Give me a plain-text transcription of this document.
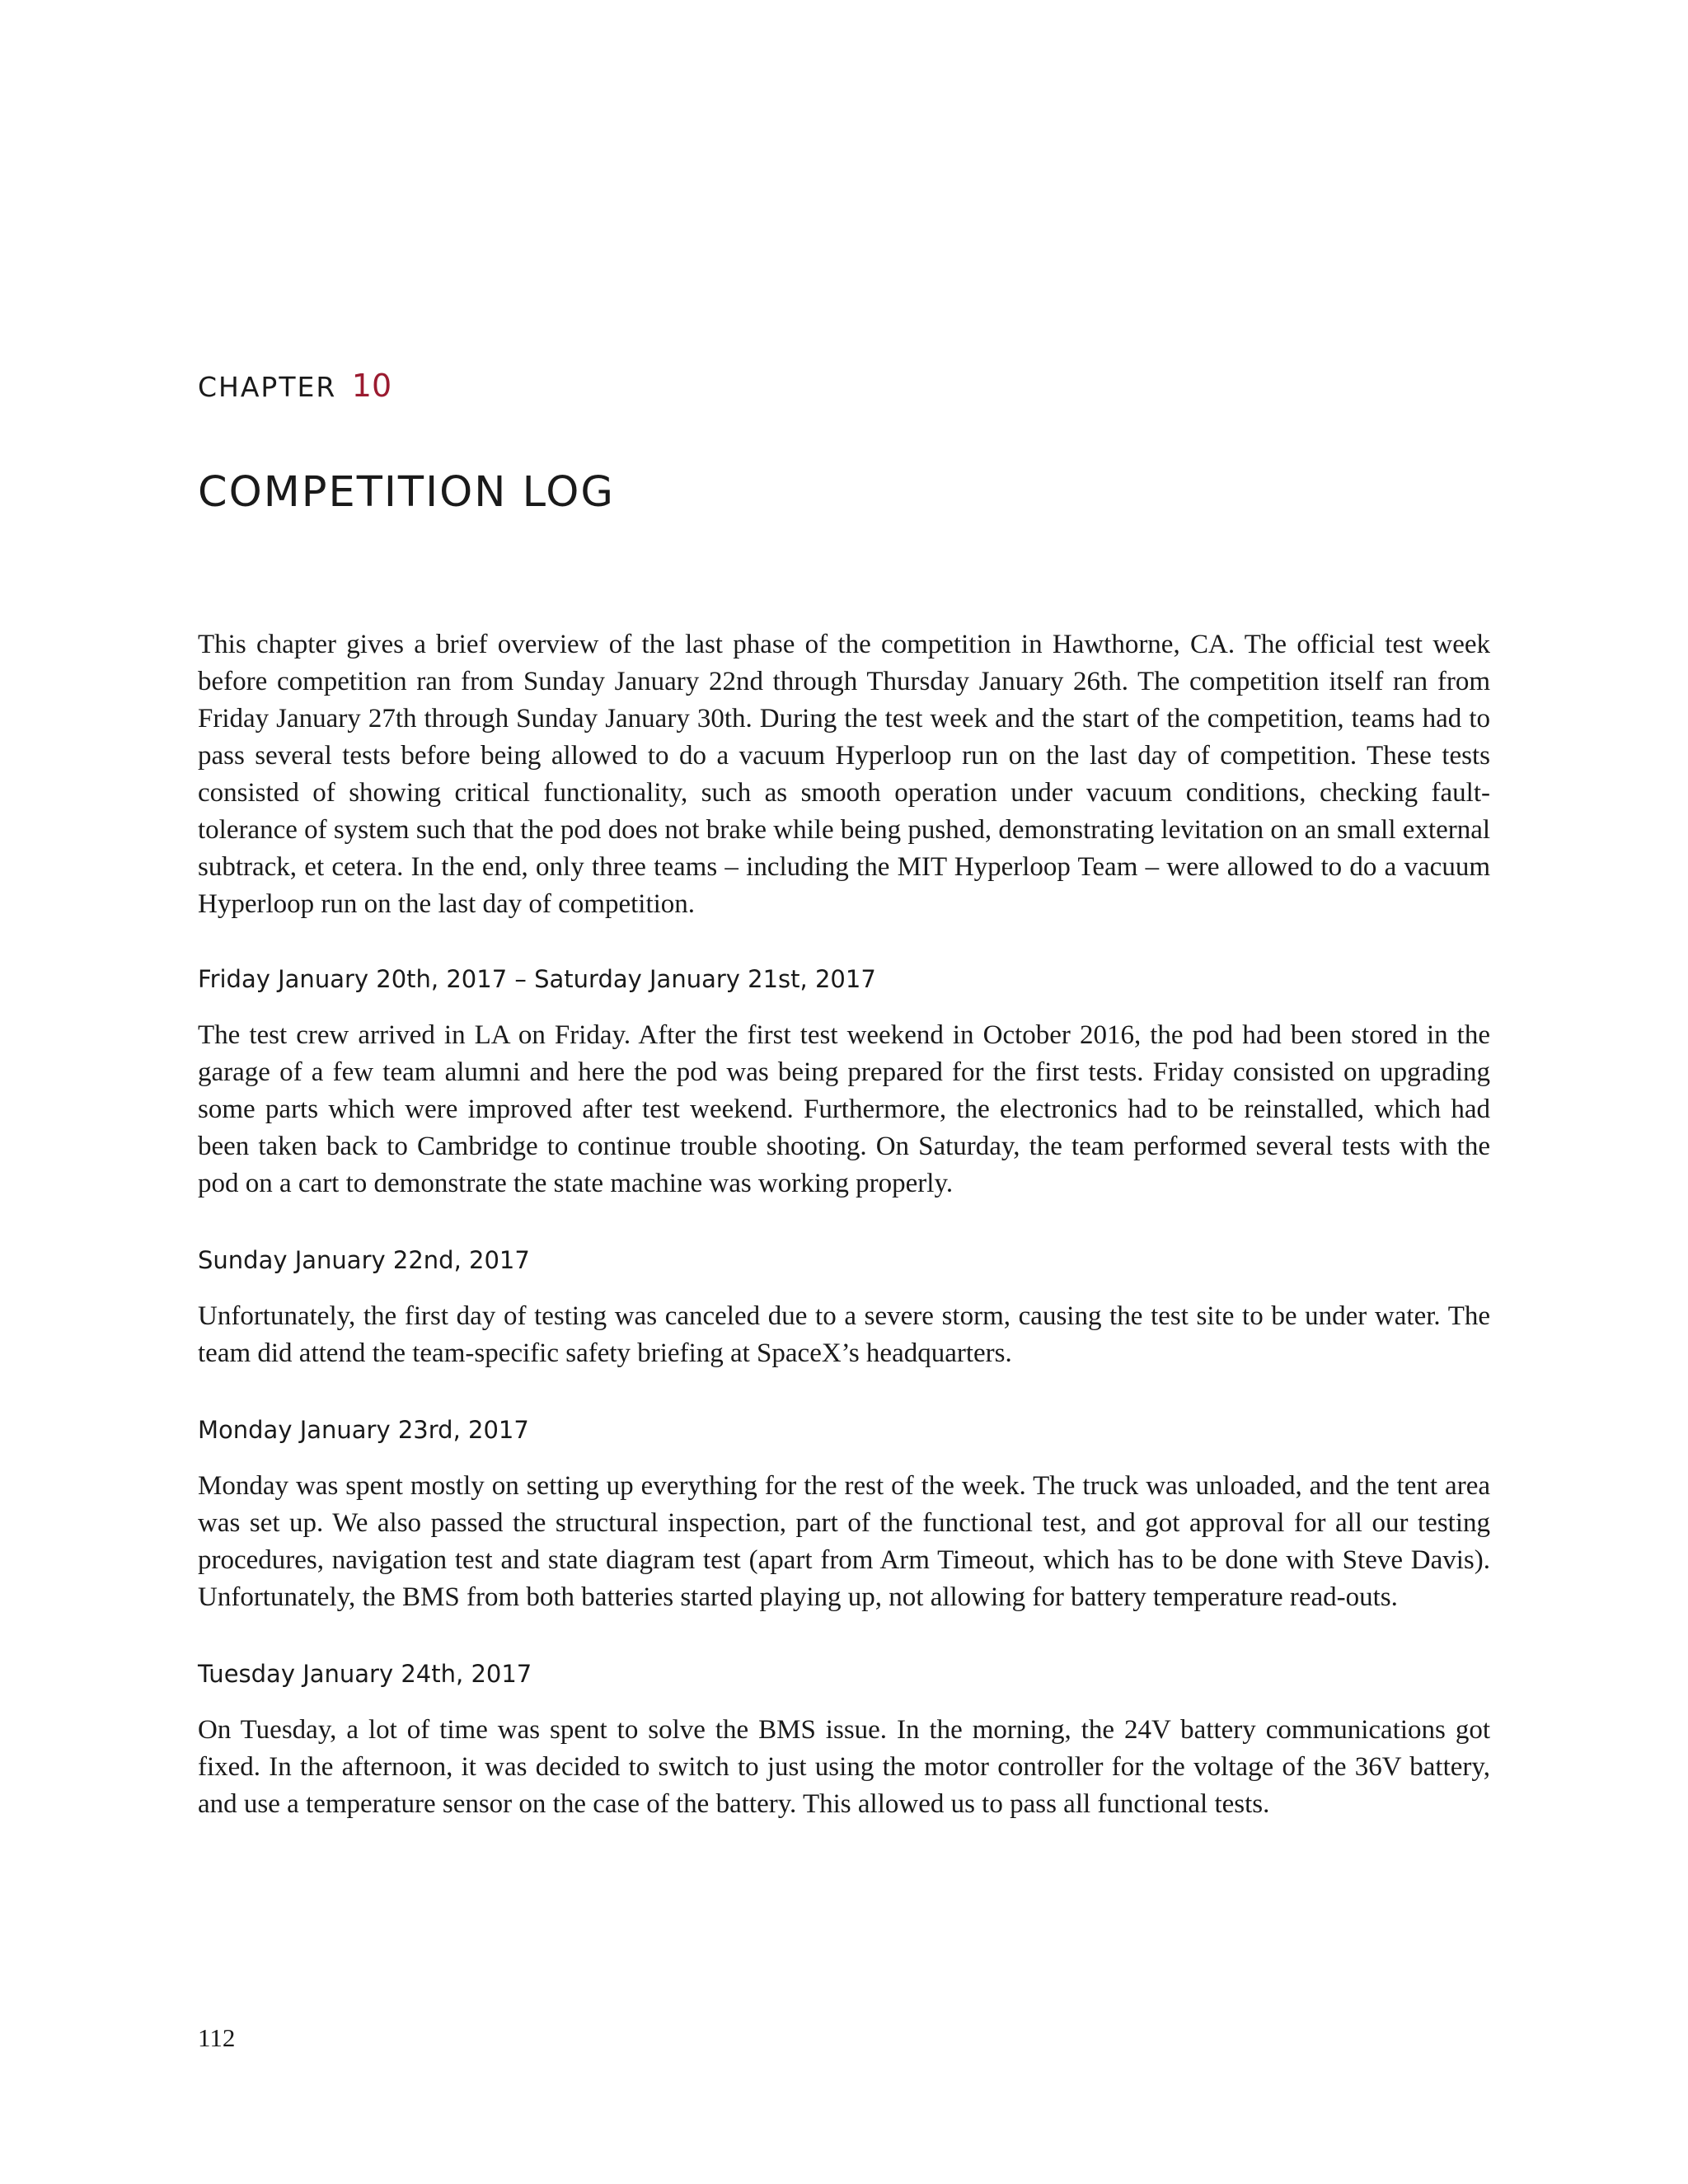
CHAPTER 10
COMPETITION LOG

This chapter gives a brief overview of the last phase of the competition in Hawthorne, CA. The official test week before competition ran from Sunday January 22nd through Thursday January 26th. The competition itself ran from Friday January 27th through Sunday January 30th. During the test week and the start of the competition, teams had to pass several tests before being allowed to do a vacuum Hyperloop run on the last day of competition. These tests consisted of showing critical functionality, such as smooth operation under vacuum conditions, checking fault-tolerance of system such that the pod does not brake while being pushed, demonstrating levitation on an small external subtrack, et cetera. In the end, only three teams – including the MIT Hyperloop Team – were allowed to do a vacuum Hyperloop run on the last day of competition.

Friday January 20th, 2017 – Saturday January 21st, 2017

The test crew arrived in LA on Friday. After the first test weekend in October 2016, the pod had been stored in the garage of a few team alumni and here the pod was being prepared for the first tests. Friday consisted on upgrading some parts which were improved after test weekend. Furthermore, the electronics had to be reinstalled, which had been taken back to Cambridge to continue trouble shooting. On Saturday, the team performed several tests with the pod on a cart to demonstrate the state machine was working properly.

Sunday January 22nd, 2017

Unfortunately, the first day of testing was canceled due to a severe storm, causing the test site to be under water. The team did attend the team-specific safety briefing at SpaceX’s headquarters.

Monday January 23rd, 2017

Monday was spent mostly on setting up everything for the rest of the week. The truck was unloaded, and the tent area was set up. We also passed the structural inspection, part of the functional test, and got approval for all our testing procedures, navigation test and state diagram test (apart from Arm Timeout, which has to be done with Steve Davis). Unfortunately, the BMS from both batteries started playing up, not allowing for battery temperature read-outs.

Tuesday January 24th, 2017

On Tuesday, a lot of time was spent to solve the BMS issue. In the morning, the 24V battery communications got fixed. In the afternoon, it was decided to switch to just using the motor controller for the voltage of the 36V battery, and use a temperature sensor on the case of the battery. This allowed us to pass all functional tests.

112
